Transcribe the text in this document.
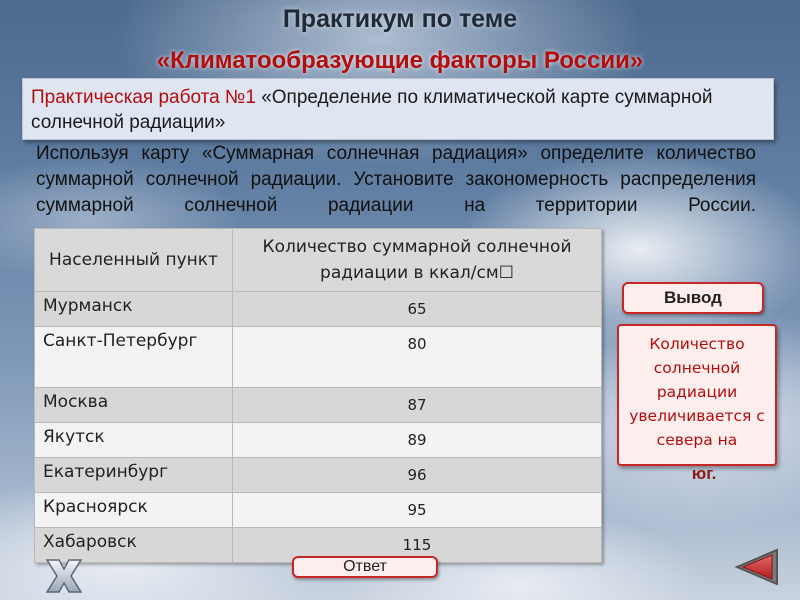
Практикум по теме
«Климатообразующие факторы России»
Практическая работа №1 «Определение по климатической карте суммарной солнечной радиации»
Используя карту «Суммарная солнечная радиация» определите количество суммарной солнечной радиации. Установите закономерность распределения суммарной солнечной радиации на территории России.
Населенный пункт	Количество суммарной солнечной радиации в ккал/см☐
Мурманск	65
Санкт-Петербург	80
Москва	87
Якутск	89
Екатеринбург	96
Красноярск	95
Хабаровск	115
Вывод
Количество солнечной радиации увеличивается с севера на
юг.
Ответ
